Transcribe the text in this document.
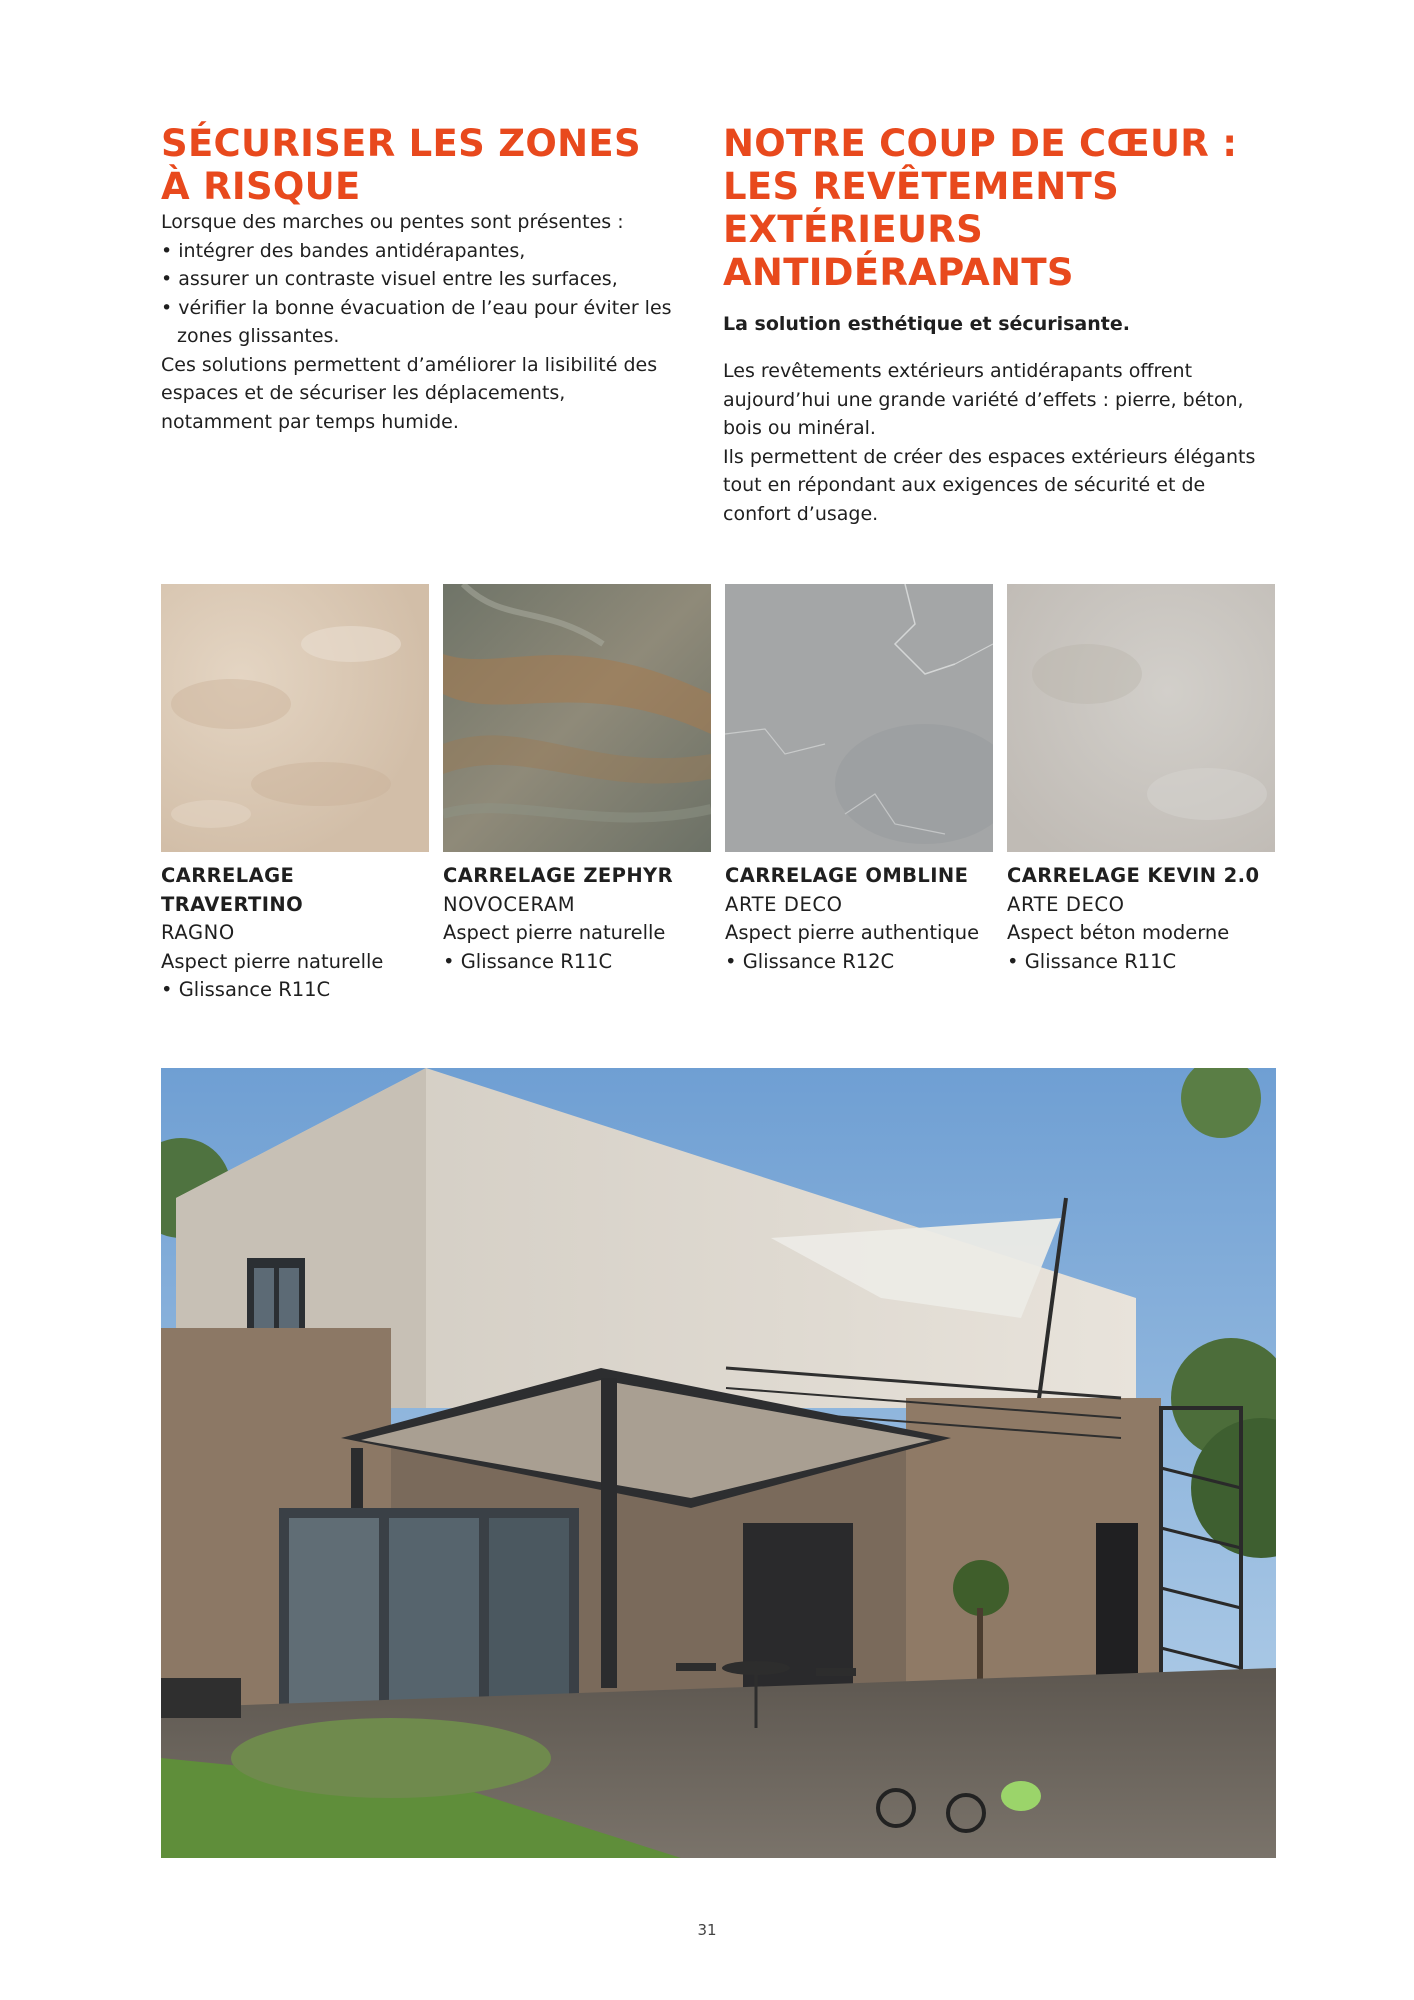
SÉCURISER LES ZONES
À RISQUE

Lorsque des marches ou pentes sont présentes :

• intégrer des bandes antidérapantes,
• assurer un contraste visuel entre les surfaces,
• vérifier la bonne évacuation de l’eau pour éviter les zones glissantes.

Ces solutions permettent d’améliorer la lisibilité des espaces et de sécuriser les déplacements, notamment par temps humide.

NOTRE COUP DE CŒUR :
LES REVÊTEMENTS
EXTÉRIEURS ANTIDÉRAPANTS

La solution esthétique et sécurisante.

Les revêtements extérieurs antidérapants offrent aujourd’hui une grande variété d’effets : pierre, béton, bois ou minéral.

Ils permettent de créer des espaces extérieurs élégants tout en répondant aux exigences de sécurité et de confort d’usage.

CARRELAGE TRAVERTINO
RAGNO
Aspect pierre naturelle
• Glissance R11C
CARRELAGE ZEPHYR
NOVOCERAM
Aspect pierre naturelle
• Glissance R11C
CARRELAGE OMBLINE
ARTE DECO
Aspect pierre authentique
• Glissance R12C
CARRELAGE KEVIN 2.0
ARTE DECO
Aspect béton moderne
• Glissance R11C
31
